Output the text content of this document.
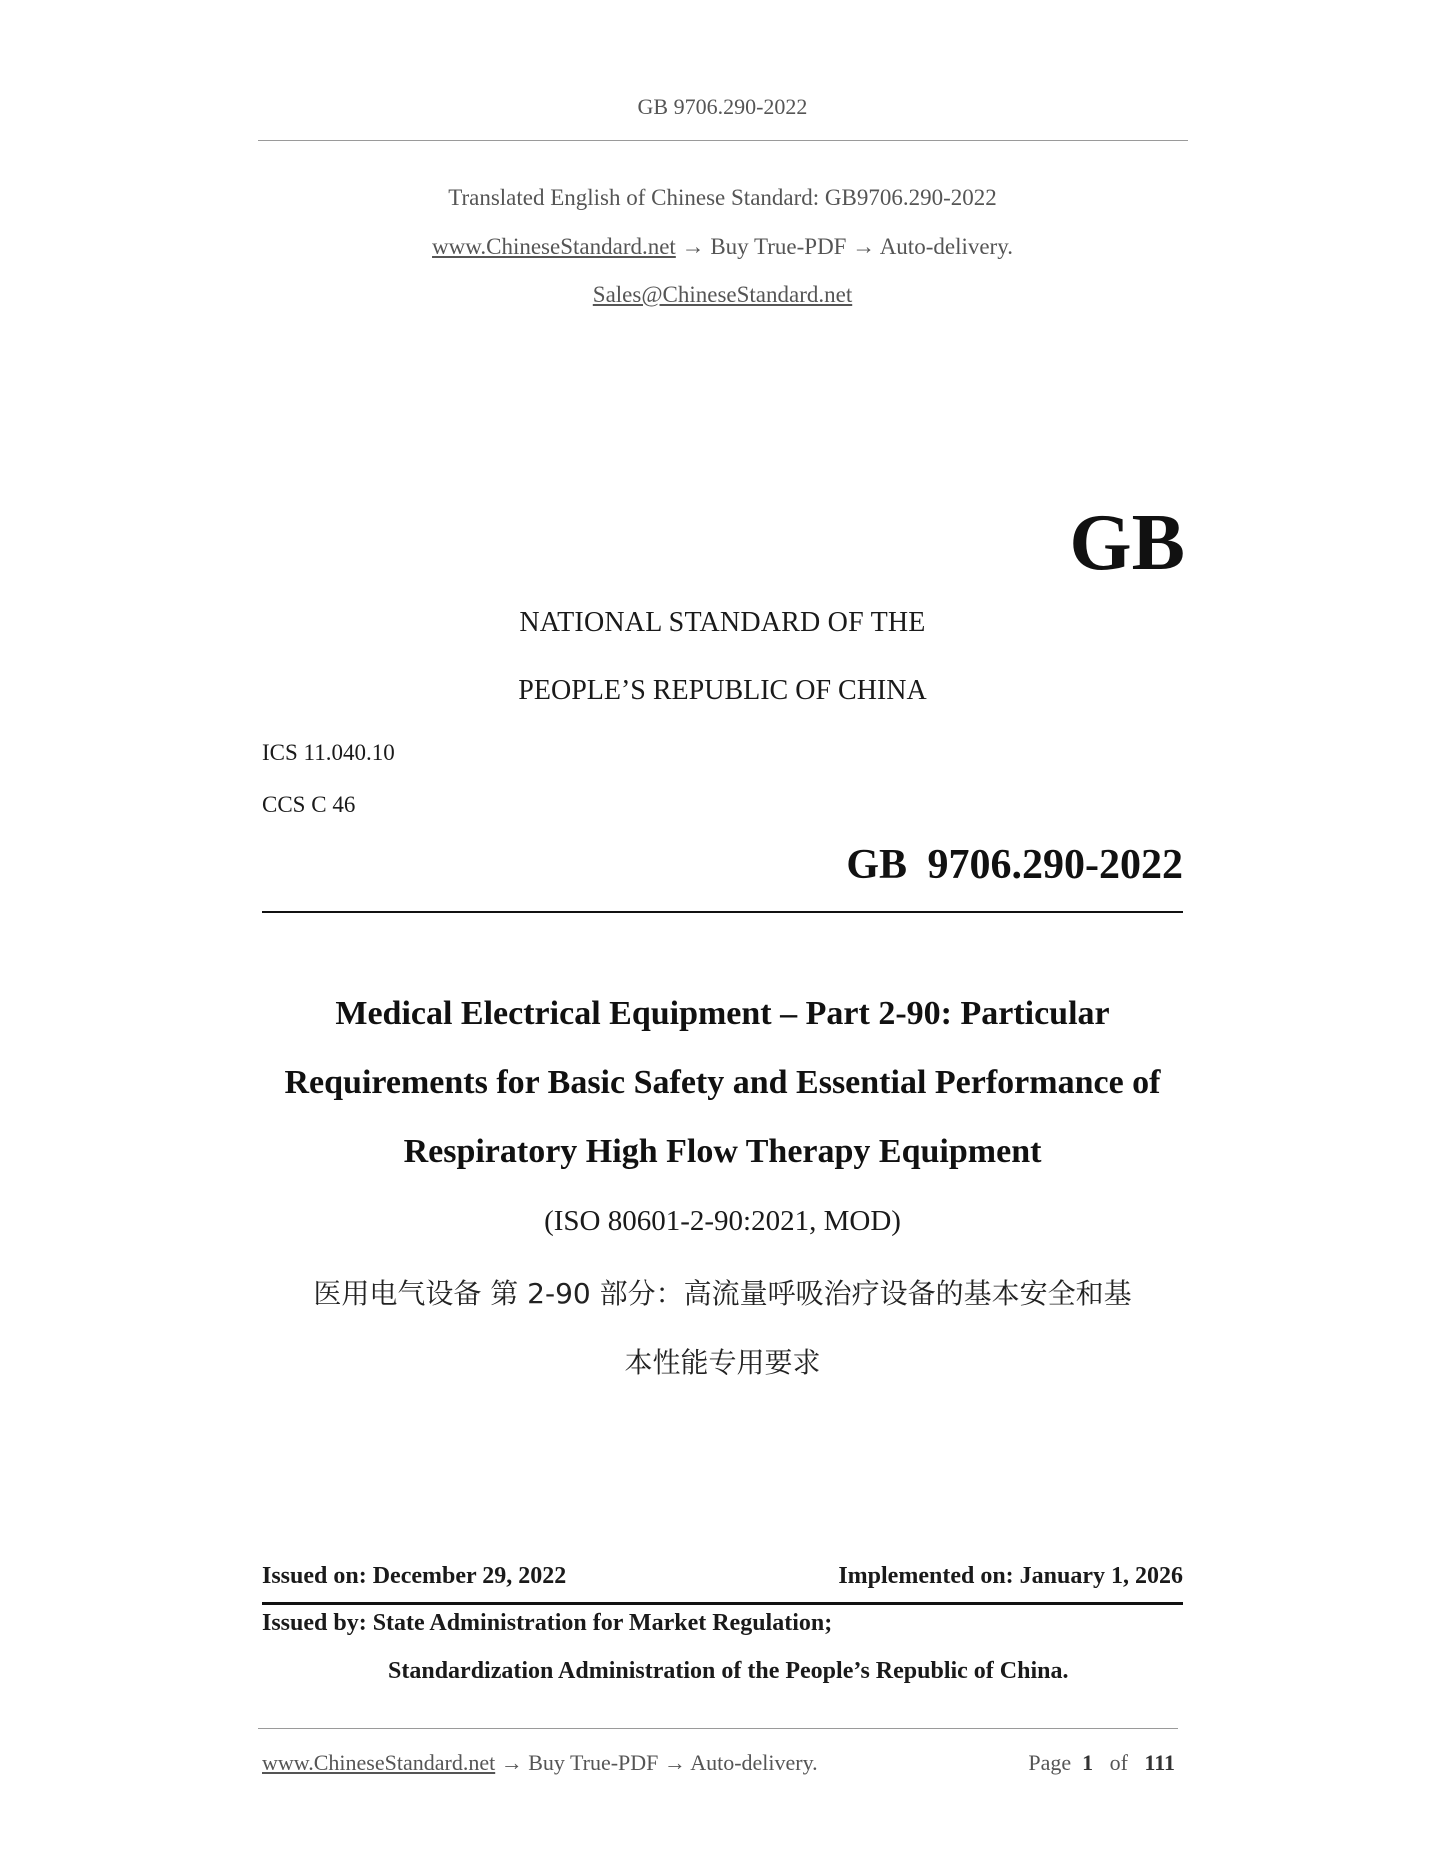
GB 9706.290-2022
Translated English of Chinese Standard: GB9706.290-2022
www.ChineseStandard.net → Buy True-PDF → Auto-delivery.
Sales@ChineseStandard.net
GB
NATIONAL STANDARD OF THE
PEOPLE’S REPUBLIC OF CHINA
ICS 11.040.10
CCS C 46
GB 9706.290-2022
Medical Electrical Equipment – Part 2-90: Particular
Requirements for Basic Safety and Essential Performance of
Respiratory High Flow Therapy Equipment
(ISO 80601-2-90:2021, MOD)
医用电气设备 第 2-90 部分：高流量呼吸治疗设备的基本安全和基
本性能专用要求
Issued on: December 29, 2022	Implemented on: January 1, 2026
Issued by: State Administration for Market Regulation;
Standardization Administration of the People’s Republic of China.
www.ChineseStandard.net → Buy True-PDF → Auto-delivery.	Page 1 of 111
